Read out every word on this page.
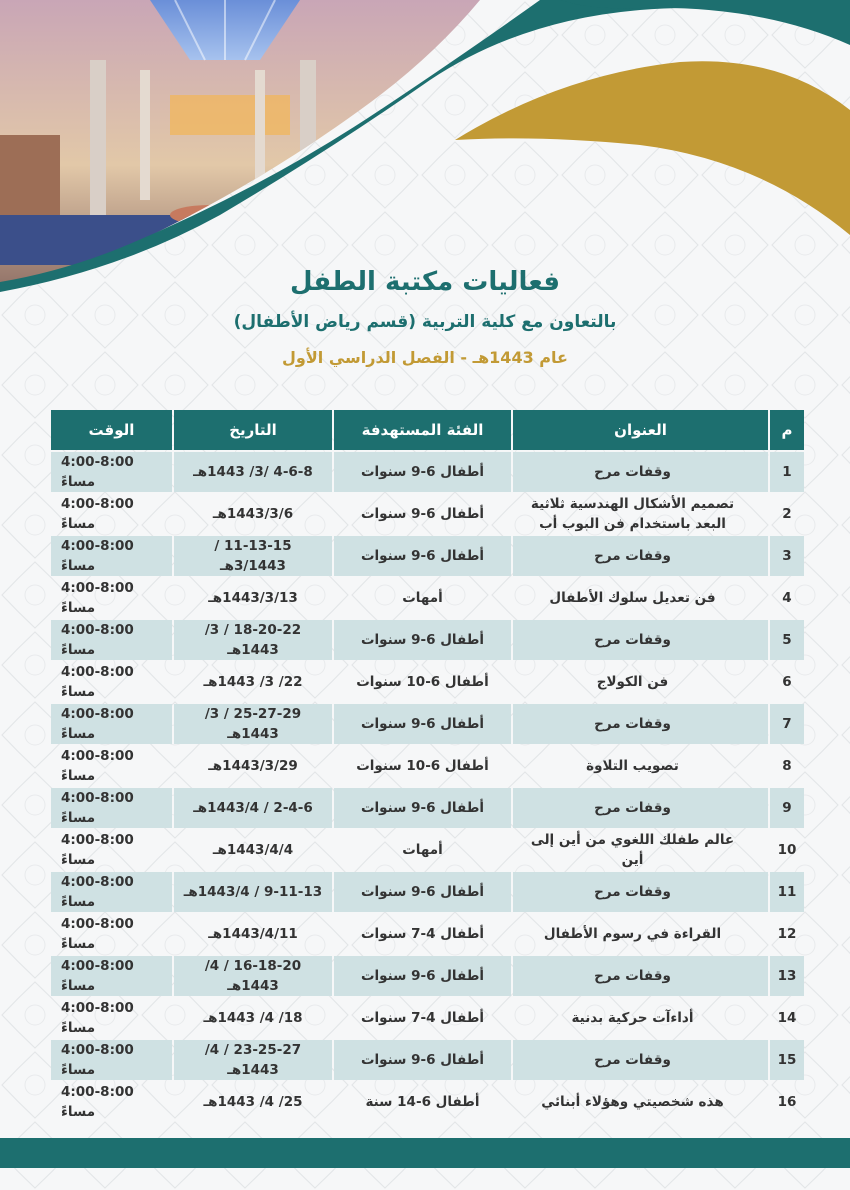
فعاليات مكتبة الطفل
بالتعاون مع كلية التربية (قسم رياض الأطفال)
عام 1443هـ - الفصل الدراسي الأول
م	العنوان	الفئة المستهدفة	التاريخ	الوقت
1	وقفات مرح	أطفال 6-9 سنوات	4-6-8 /3/ 1443هـ	4:00-8:00 مساءً
2	تصميم الأشكال الهندسية ثلاثية البعد باستخدام فن البوب أب	أطفال 6-9 سنوات	1443/3/6هـ	4:00-8:00 مساءً
3	وقفات مرح	أطفال 6-9 سنوات	11-13-15 / 3/1443هـ	4:00-8:00 مساءً
4	فن تعديل سلوك الأطفال	أمهات	1443/3/13هـ	4:00-8:00 مساءً
5	وقفات مرح	أطفال 6-9 سنوات	18-20-22 / 3/ 1443هـ	4:00-8:00 مساءً
6	فن الكولاج	أطفال 6-10 سنوات	22/ 3/ 1443هـ	4:00-8:00 مساءً
7	وقفات مرح	أطفال 6-9 سنوات	25-27-29 / 3/ 1443هـ	4:00-8:00 مساءً
8	تصويب التلاوة	أطفال 6-10 سنوات	1443/3/29هـ	4:00-8:00 مساءً
9	وقفات مرح	أطفال 6-9 سنوات	2-4-6 / 1443/4هـ	4:00-8:00 مساءً
10	عالم طفلك اللغوي من أين إلى أين	أمهات	1443/4/4هـ	4:00-8:00 مساءً
11	وقفات مرح	أطفال 6-9 سنوات	9-11-13 / 1443/4هـ	4:00-8:00 مساءً
12	القراءة في رسوم الأطفال	أطفال 4-7 سنوات	1443/4/11هـ	4:00-8:00 مساءً
13	وقفات مرح	أطفال 6-9 سنوات	16-18-20 / 4/ 1443هـ	4:00-8:00 مساءً
14	أداءآت حركية بدنية	أطفال 4-7 سنوات	18/ 4/ 1443هـ	4:00-8:00 مساءً
15	وقفات مرح	أطفال 6-9 سنوات	23-25-27 / 4/ 1443هـ	4:00-8:00 مساءً
16	هذه شخصيتي وهؤلاء أبنائي	أطفال 6-14 سنة	25/ 4/ 1443هـ	4:00-8:00 مساءً
